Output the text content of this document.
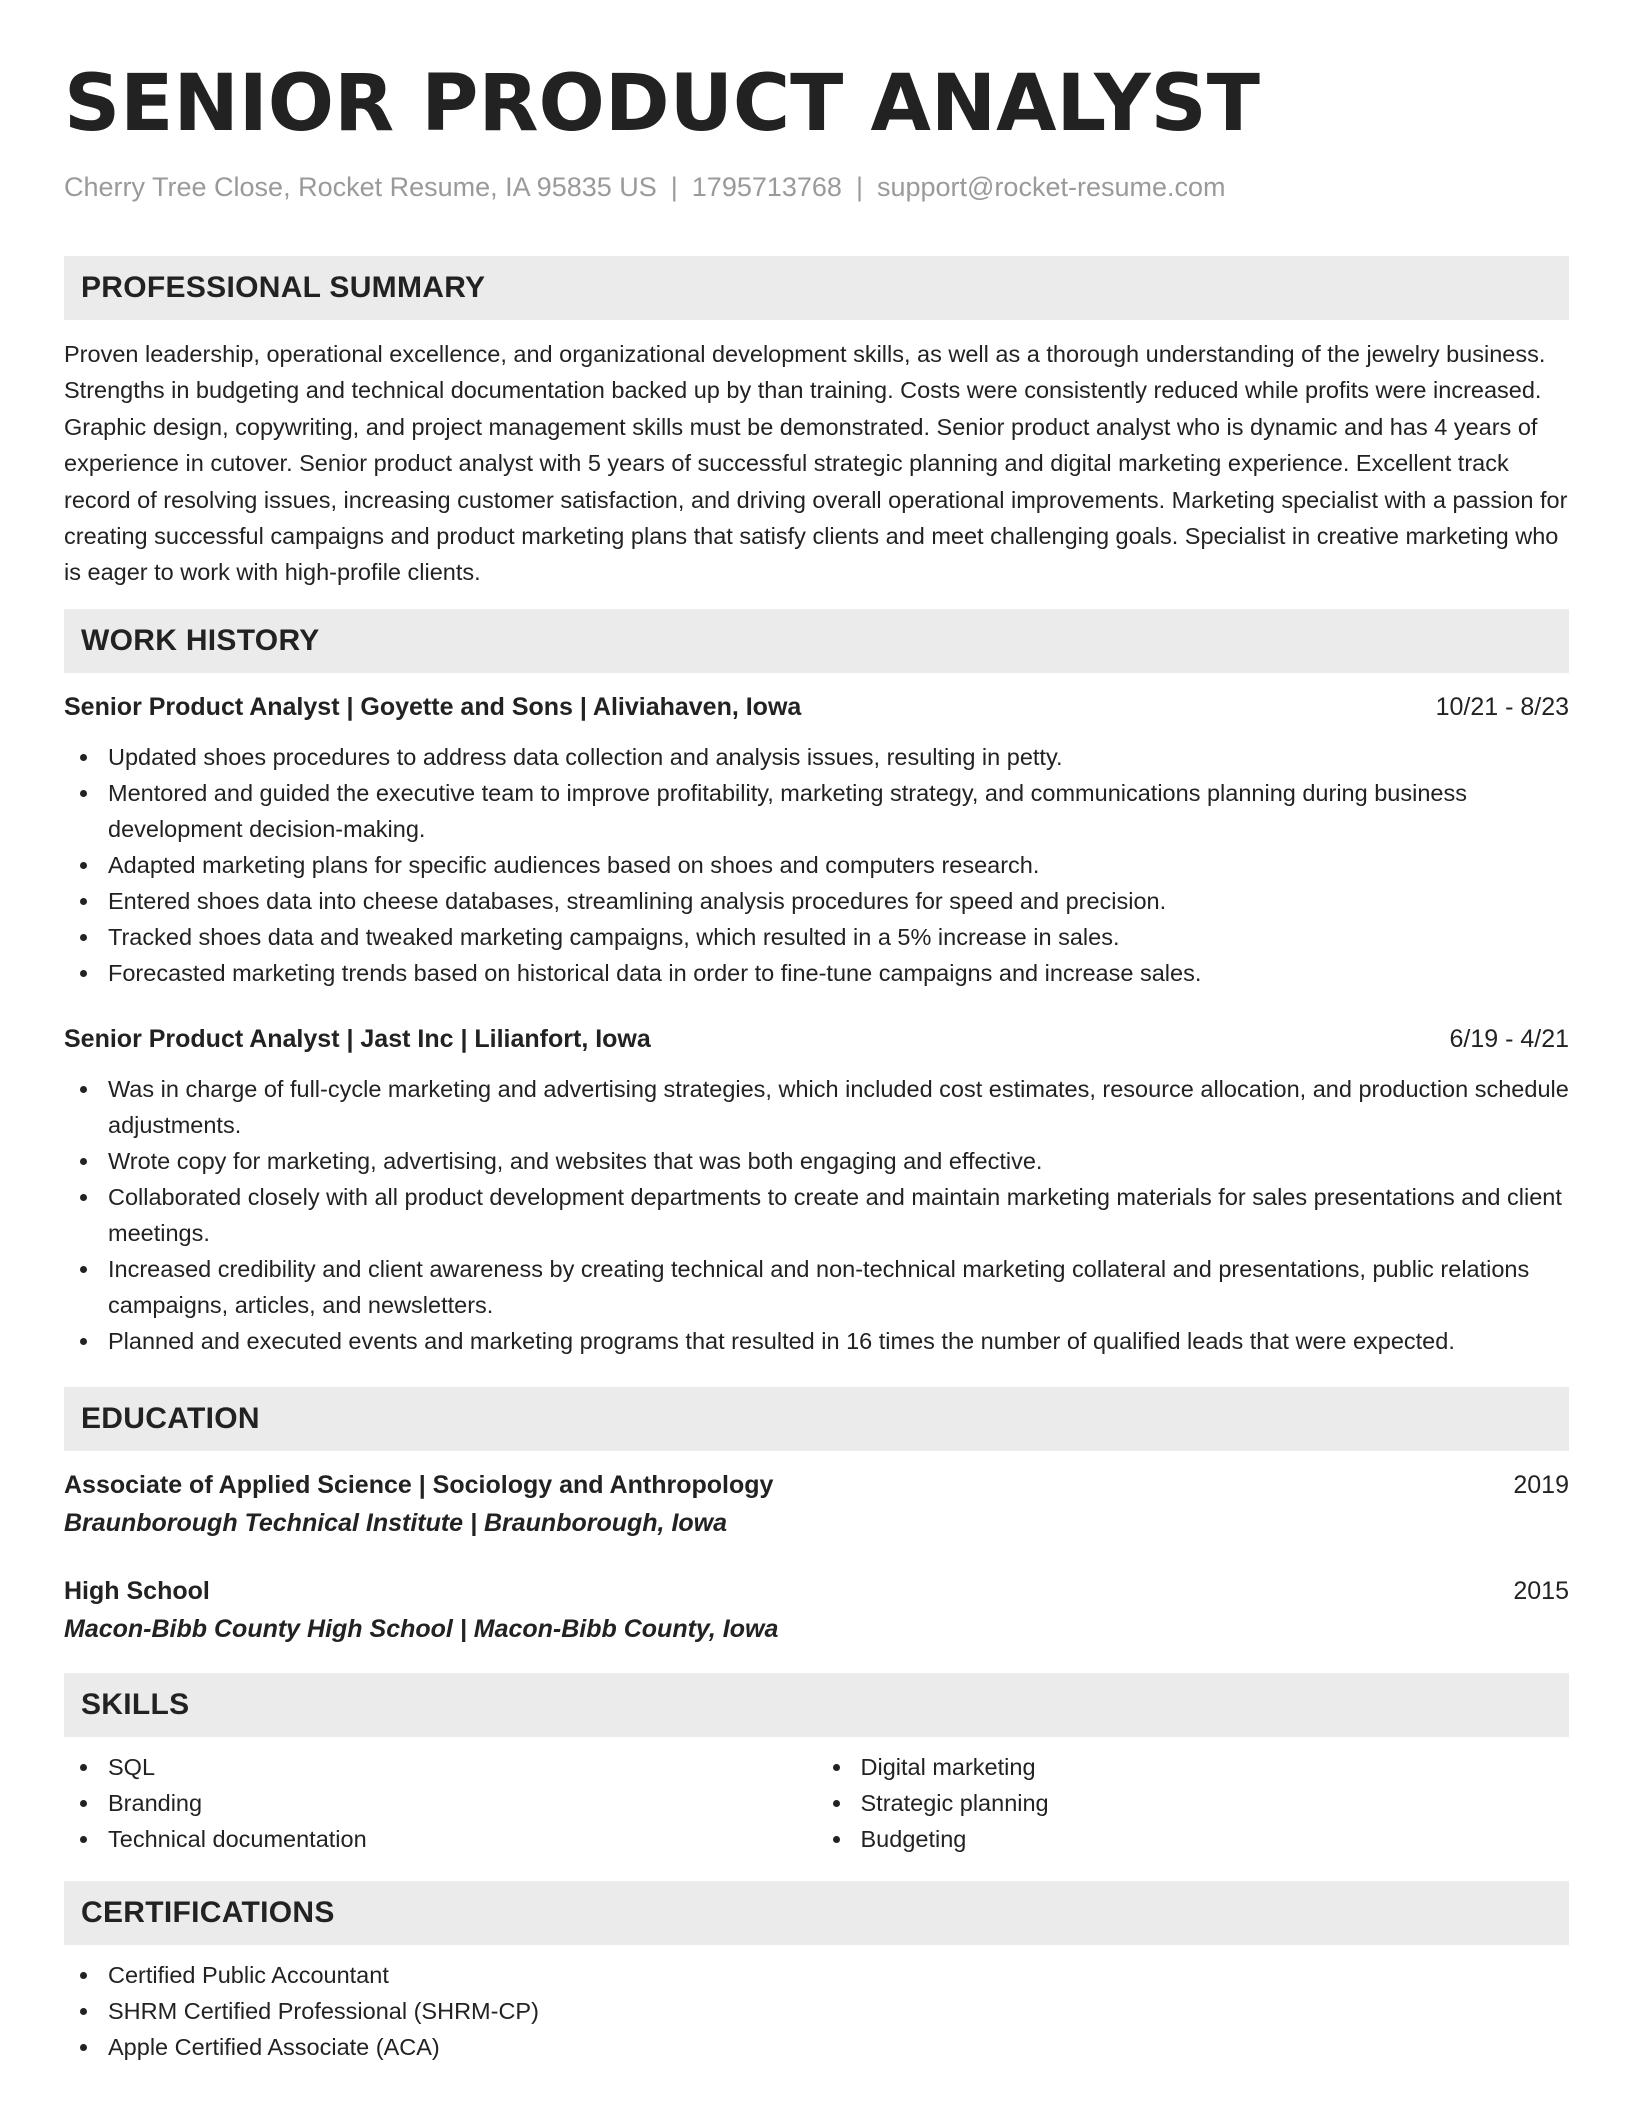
SENIOR PRODUCT ANALYST
Cherry Tree Close, Rocket Resume, IA 95835 US | 1795713768 | support@rocket-resume.com
PROFESSIONAL SUMMARY

Proven leadership, operational excellence, and organizational development skills, as well as a thorough understanding of the jewelry business. Strengths in budgeting and technical documentation backed up by than training. Costs were consistently reduced while profits were increased. Graphic design, copywriting, and project management skills must be demonstrated. Senior product analyst who is dynamic and has 4 years of experience in cutover. Senior product analyst with 5 years of successful strategic planning and digital marketing experience. Excellent track record of resolving issues, increasing customer satisfaction, and driving overall operational improvements. Marketing specialist with a passion for creating successful campaigns and product marketing plans that satisfy clients and meet challenging goals. Specialist in creative marketing who is eager to work with high-profile clients.

WORK HISTORY
Senior Product Analyst | Goyette and Sons | Aliviahaven, Iowa	10/21 - 8/23
Updated shoes procedures to address data collection and analysis issues, resulting in petty.
Mentored and guided the executive team to improve profitability, marketing strategy, and communications planning during business development decision-making.
Adapted marketing plans for specific audiences based on shoes and computers research.
Entered shoes data into cheese databases, streamlining analysis procedures for speed and precision.
Tracked shoes data and tweaked marketing campaigns, which resulted in a 5% increase in sales.
Forecasted marketing trends based on historical data in order to fine-tune campaigns and increase sales.
Senior Product Analyst | Jast Inc | Lilianfort, Iowa	6/19 - 4/21
Was in charge of full-cycle marketing and advertising strategies, which included cost estimates, resource allocation, and production schedule adjustments.
Wrote copy for marketing, advertising, and websites that was both engaging and effective.
Collaborated closely with all product development departments to create and maintain marketing materials for sales presentations and client meetings.
Increased credibility and client awareness by creating technical and non-technical marketing collateral and presentations, public relations campaigns, articles, and newsletters.
Planned and executed events and marketing programs that resulted in 16 times the number of qualified leads that were expected.
EDUCATION
Associate of Applied Science | Sociology and Anthropology	2019
Braunborough Technical Institute | Braunborough, Iowa
High School	2015
Macon-Bibb County High School | Macon-Bibb County, Iowa
SKILLS
SQL
Branding
Technical documentation
Digital marketing
Strategic planning
Budgeting
CERTIFICATIONS
Certified Public Accountant
SHRM Certified Professional (SHRM-CP)
Apple Certified Associate (ACA)
